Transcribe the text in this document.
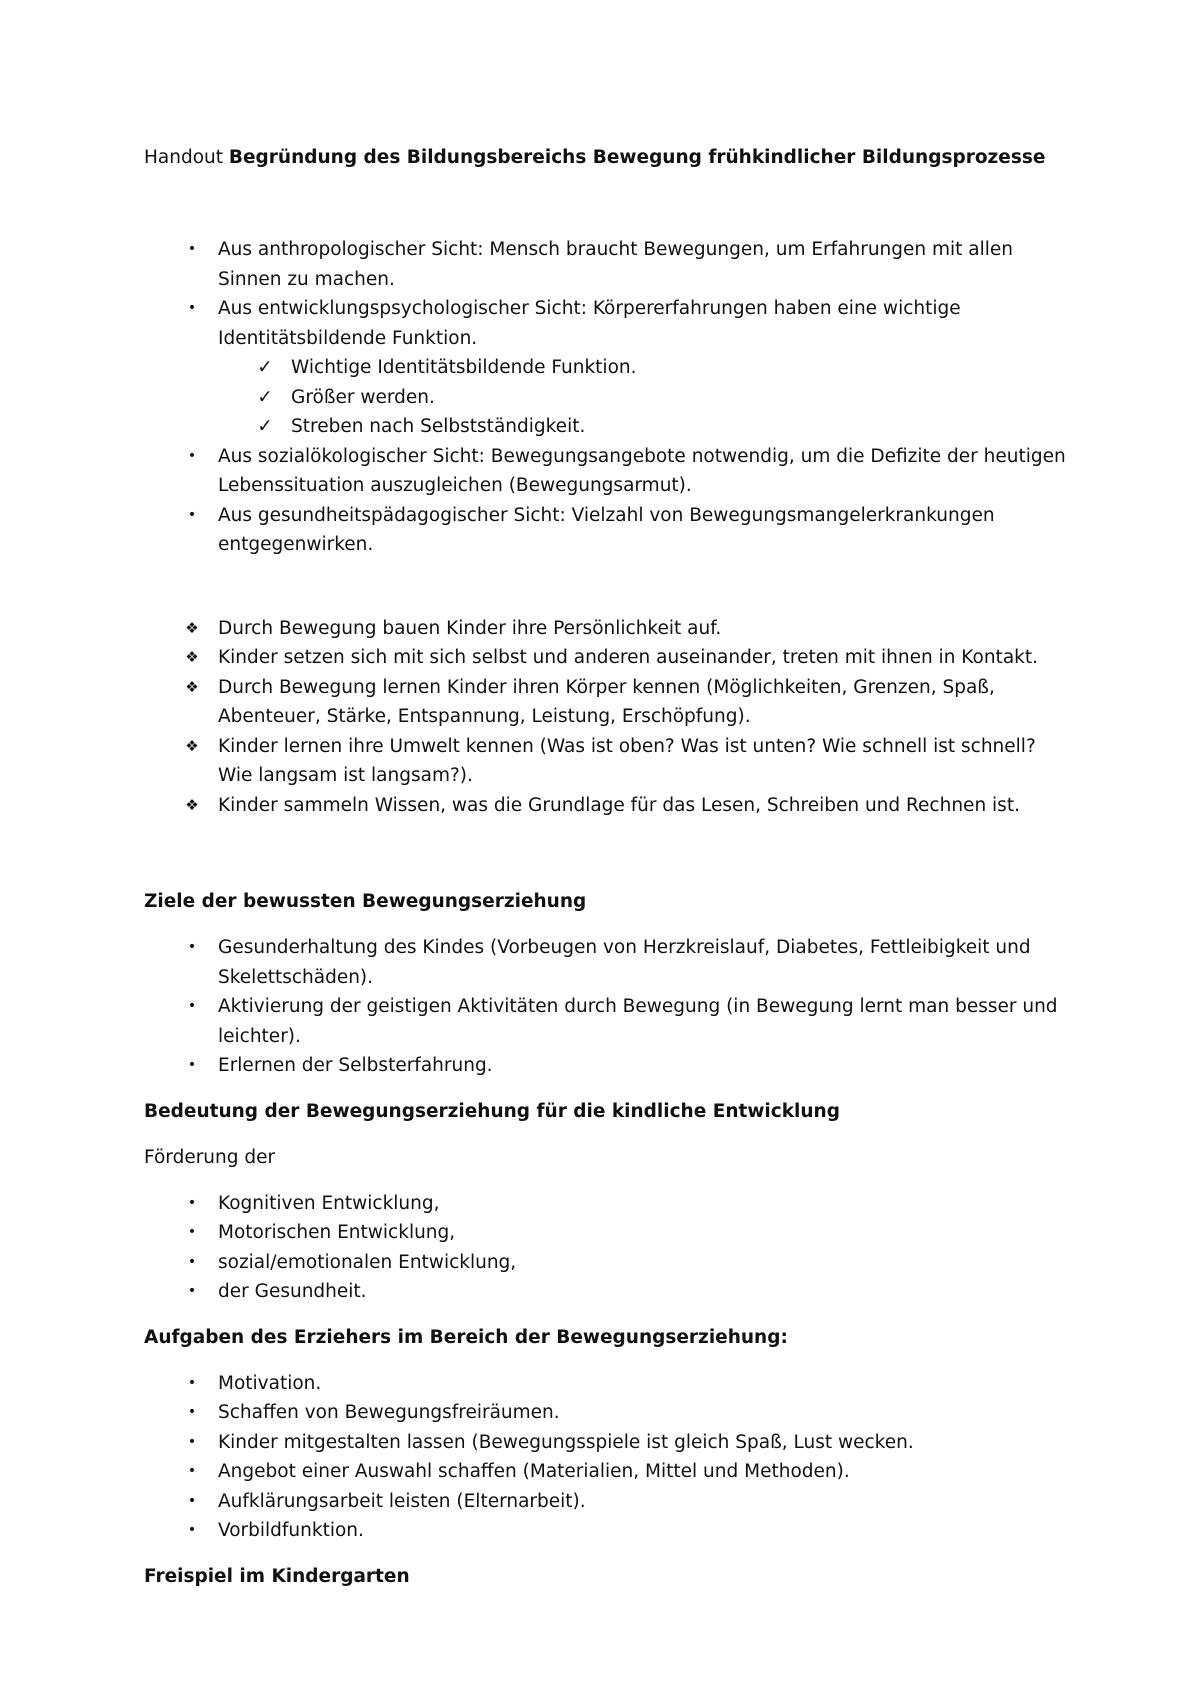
Handout Begründung des Bildungsbereichs Bewegung frühkindlicher Bildungsprozesse

•	Aus anthropologischer Sicht: Mensch braucht Bewegungen, um Erfahrungen mit allen Sinnen zu machen.
•	Aus entwicklungspsychologischer Sicht: Körpererfahrungen haben eine wichtige Identitätsbildende Funktion.
✓ Wichtige Identitätsbildende Funktion.
✓ Größer werden.
✓ Streben nach Selbstständigkeit.
•	Aus sozialökologischer Sicht: Bewegungsangebote notwendig, um die Defizite der heutigen Lebenssituation auszugleichen (Bewegungsarmut).
•	Aus gesundheitspädagogischer Sicht: Vielzahl von Bewegungsmangelerkrankungen entgegenwirken.
❖ Durch Bewegung bauen Kinder ihre Persönlichkeit auf.
❖ Kinder setzen sich mit sich selbst und anderen auseinander, treten mit ihnen in Kontakt.
❖ Durch Bewegung lernen Kinder ihren Körper kennen (Möglichkeiten, Grenzen, Spaß, Abenteuer, Stärke, Entspannung, Leistung, Erschöpfung).
❖ Kinder lernen ihre Umwelt kennen (Was ist oben? Was ist unten? Wie schnell ist schnell? Wie langsam ist langsam?).
❖ Kinder sammeln Wissen, was die Grundlage für das Lesen, Schreiben und Rechnen ist.

Ziele der bewussten Bewegungserziehung

•	Gesunderhaltung des Kindes (Vorbeugen von Herzkreislauf, Diabetes, Fettleibigkeit und Skelettschäden).
•	Aktivierung der geistigen Aktivitäten durch Bewegung (in Bewegung lernt man besser und leichter).
•	Erlernen der Selbsterfahrung.

Bedeutung der Bewegungserziehung für die kindliche Entwicklung

Förderung der

•	Kognitiven Entwicklung,
•	Motorischen Entwicklung,
•	sozial/emotionalen Entwicklung,
•	der Gesundheit.

Aufgaben des Erziehers im Bereich der Bewegungserziehung:

•	Motivation.
•	Schaffen von Bewegungsfreiräumen.
•	Kinder mitgestalten lassen (Bewegungsspiele ist gleich Spaß, Lust wecken.
•	Angebot einer Auswahl schaffen (Materialien, Mittel und Methoden).
•	Aufklärungsarbeit leisten (Elternarbeit).
•	Vorbildfunktion.

Freispiel im Kindergarten
